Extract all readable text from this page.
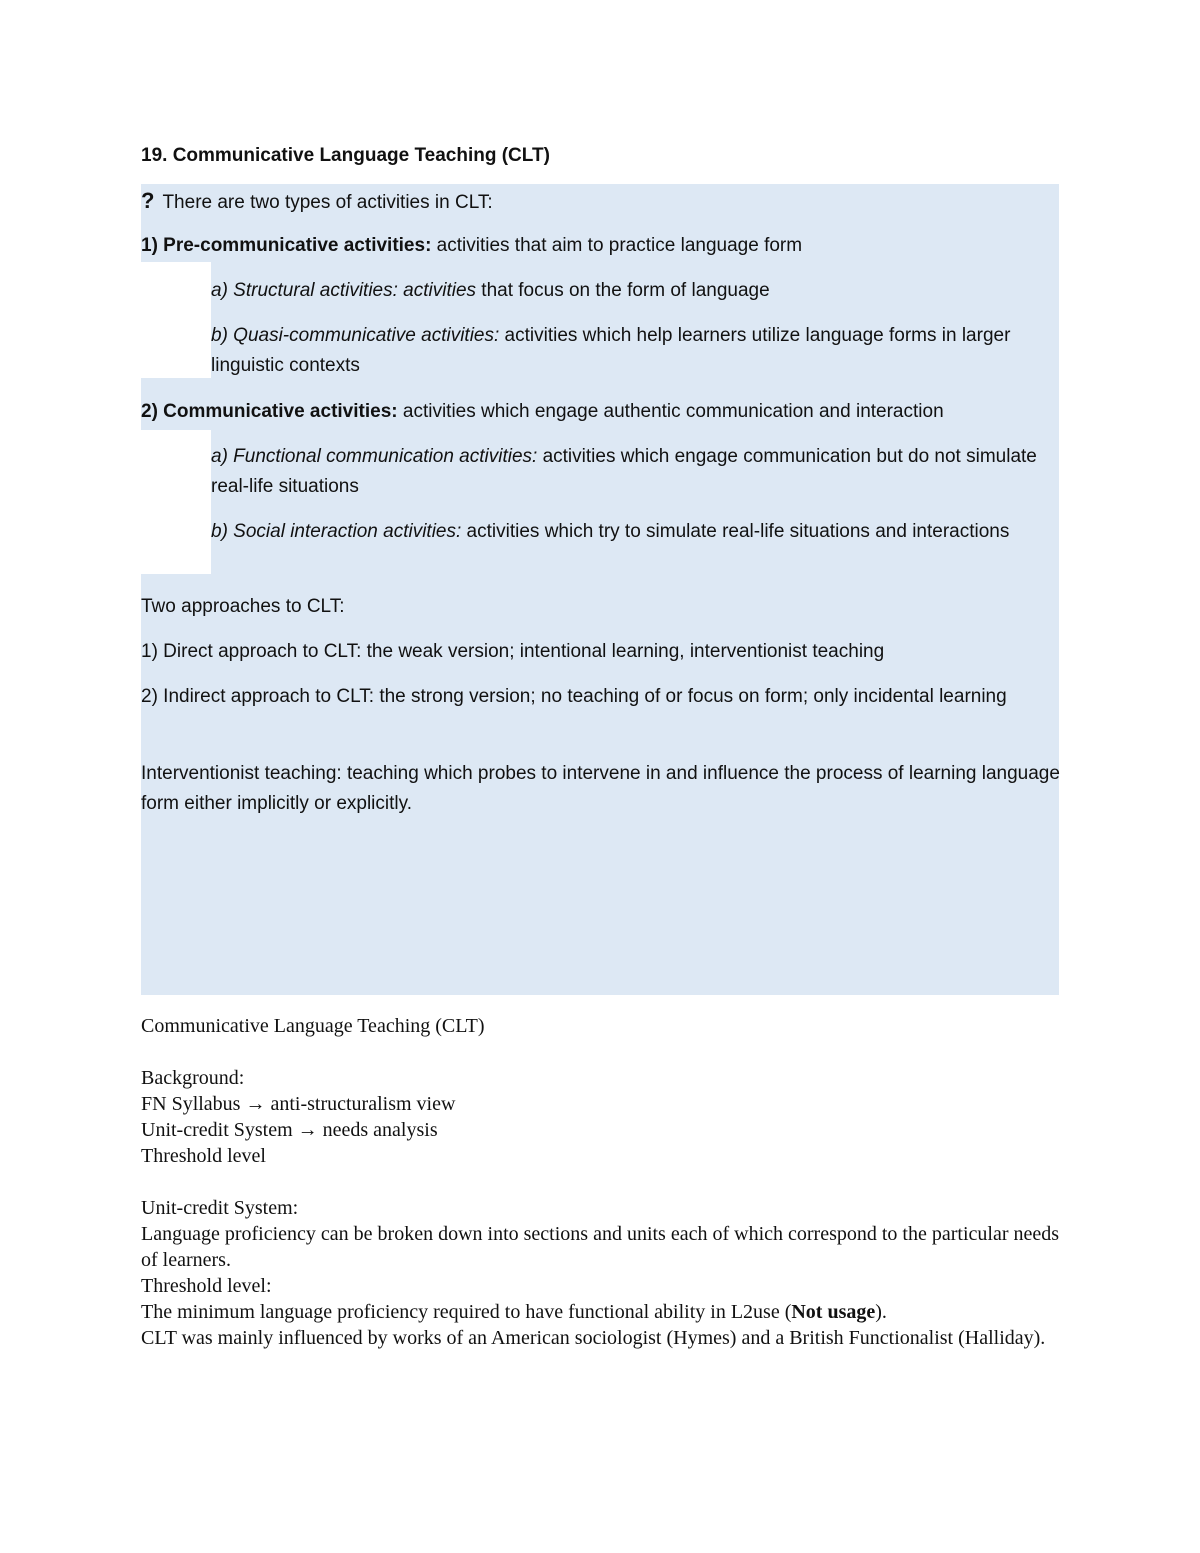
19. Communicative Language Teaching (CLT)
? There are two types of activities in CLT:
1) Pre-communicative activities: activities that aim to practice language form
a) Structural activities: activities that focus on the form of language
b) Quasi-communicative activities: activities which help learners utilize language forms in larger linguistic contexts
2) Communicative activities: activities which engage authentic communication and interaction
a) Functional communication activities: activities which engage communication but do not simulate real-life situations
b) Social interaction activities: activities which try to simulate real-life situations and interactions
Two approaches to CLT:
1) Direct approach to CLT: the weak version; intentional learning, interventionist teaching
2) Indirect approach to CLT: the strong version; no teaching of or focus on form; only incidental learning
Interventionist teaching: teaching which probes to intervene in and influence the process of learning language form either implicitly or explicitly.

Communicative Language Teaching (CLT)

Background:

FN Syllabus → anti-structuralism view

Unit-credit System → needs analysis

Threshold level

Unit-credit System:

Language proficiency can be broken down into sections and units each of which correspond to the particular needs of learners.

Threshold level:

The minimum language proficiency required to have functional ability in L2use (Not usage).

CLT was mainly influenced by works of an American sociologist (Hymes) and a British Functionalist (Halliday).
